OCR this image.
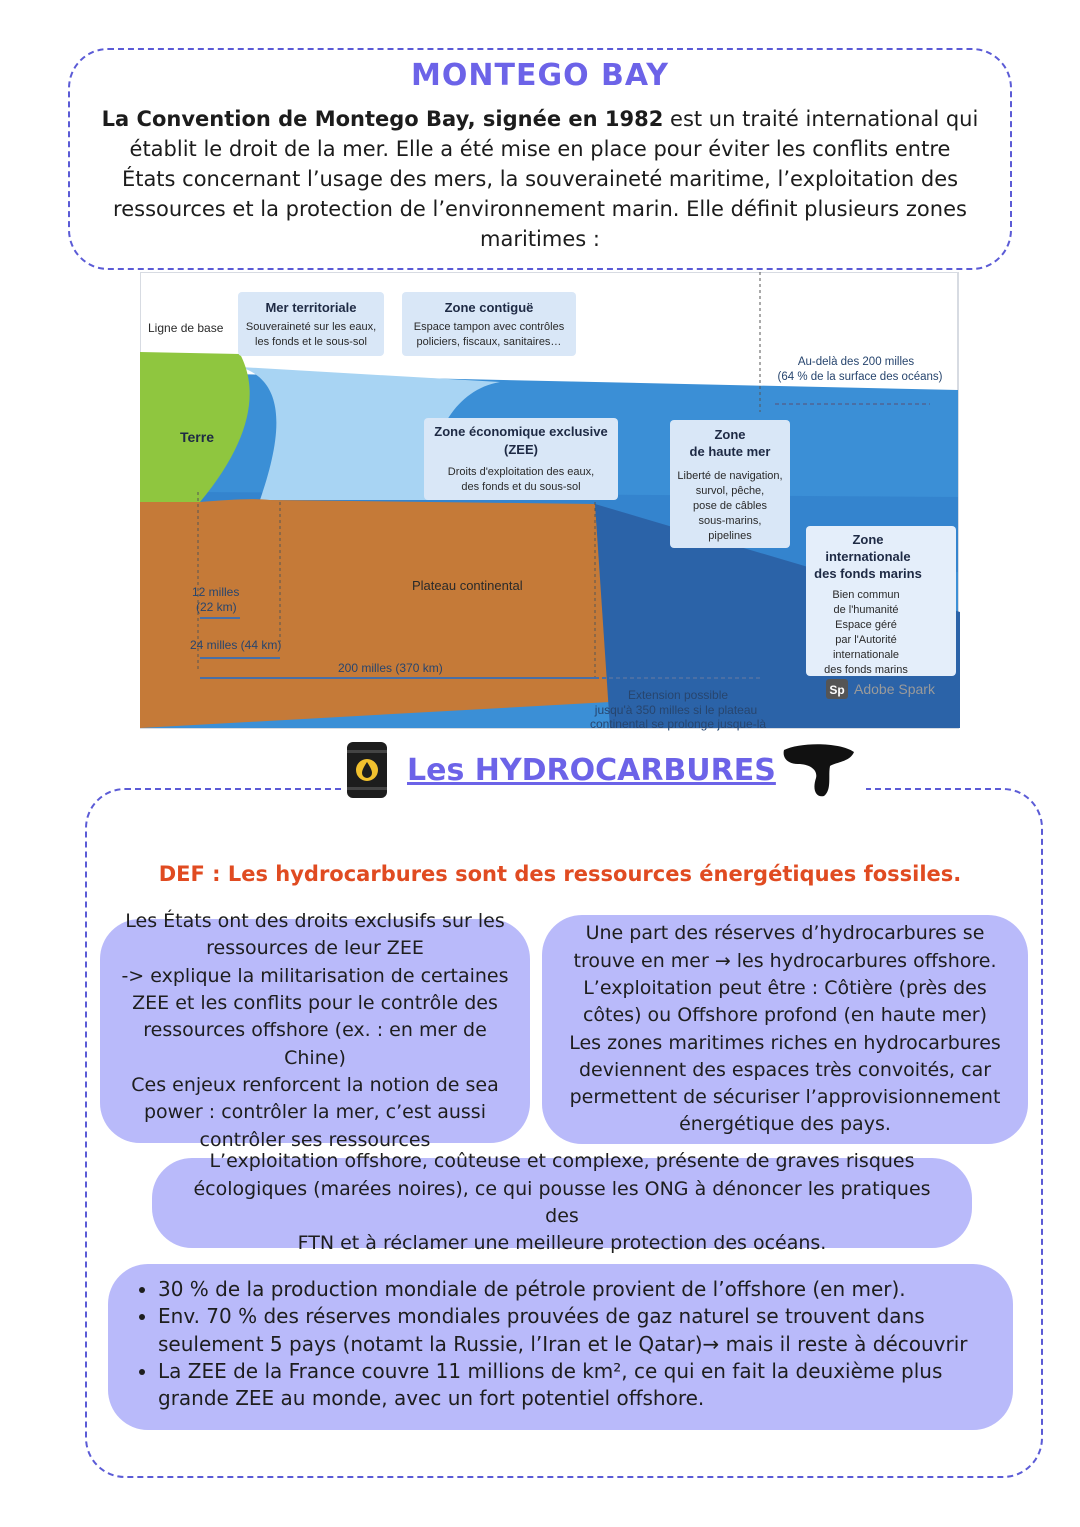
MONTEGO BAY
La Convention de Montego Bay, signée en 1982 est un traité international qui établit le droit de la mer. Elle a été mise en place pour éviter les conflits entre États concernant l’usage des mers, la souveraineté maritime, l’exploitation des ressources et la protection de l’environnement marin. Elle définit plusieurs zones maritimes :
Ligne de base
Terre
Mer territoriale
Souveraineté sur les eaux,
les fonds et le sous-sol
Zone contiguë
Espace tampon avec contrôles
policiers, fiscaux, sanitaires…
Au-delà des 200 milles
(64 % de la surface des océans)
Zone économique exclusive
(ZEE)
Droits d'exploitation des eaux,
des fonds et du sous-sol
Zone
de haute mer
Liberté de navigation,
survol, pêche,
pose de câbles
sous-marins,
pipelines	Zone
internationale
des fonds marins
Bien commun
de l'humanité
Espace géré
par l'Autorité
internationale
des fonds marins
Plateau continental
12 milles
(22 km)
24 milles (44 km)
200 milles (370 km)
Extension possible
jusqu'à 350 milles si le plateau
continental se prolonge jusque-là
Sp Adobe Spark
Les HYDROCARBURES
DEF : Les hydrocarbures sont des ressources énergétiques fossiles.
Les États ont des droits exclusifs sur les
ressources de leur ZEE
-> explique la militarisation de certaines
ZEE et les conflits pour le contrôle des
ressources offshore (ex. : en mer de Chine)
Ces enjeux renforcent la notion de sea
power : contrôler la mer, c’est aussi
contrôler ses ressources
Une part des réserves d’hydrocarbures se
trouve en mer → les hydrocarbures offshore.
L’exploitation peut être : Côtière (près des
côtes) ou Offshore profond (en haute mer)
Les zones maritimes riches en hydrocarbures
deviennent des espaces très convoités, car
permettent de sécuriser l’approvisionnement
énergétique des pays.
L’exploitation offshore, coûteuse et complexe, présente de graves risques
écologiques (marées noires), ce qui pousse les ONG à dénoncer les pratiques des
FTN et à réclamer une meilleure protection des océans.
• 30 % de la production mondiale de pétrole provient de l’offshore (en mer).
• Env. 70 % des réserves mondiales prouvées de gaz naturel se trouvent dans seulement 5 pays (notamt la Russie, l’Iran et le Qatar)→ mais il reste à découvrir
• La ZEE de la France couvre 11 millions de km², ce qui en fait la deuxième plus grande ZEE au monde, avec un fort potentiel offshore.
